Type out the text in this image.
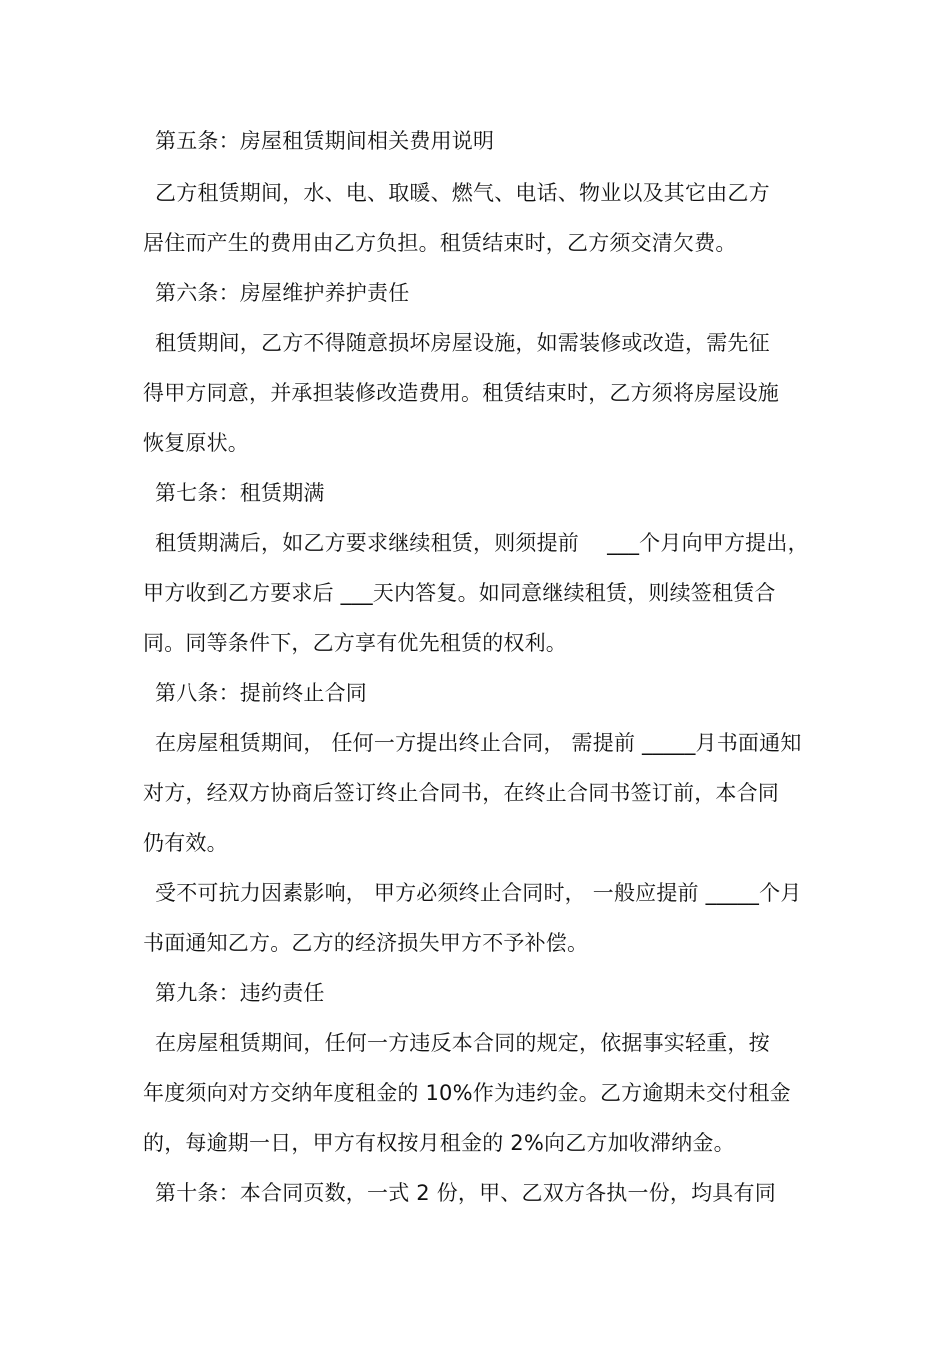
第五条：房屋租赁期间相关费用说明
乙方租赁期间，水、电、取暖、燃气、电话、物业以及其它由乙方
居住而产生的费用由乙方负担。租赁结束时，乙方须交清欠费。
第六条：房屋维护养护责任
租赁期间，乙方不得随意损坏房屋设施，如需装修或改造，需先征
得甲方同意，并承担装修改造费用。租赁结束时，乙方须将房屋设施
恢复原状。
第七条：租赁期满
租赁期满后，如乙方要求继续租赁，则须提前　 ___个月向甲方提出，
甲方收到乙方要求后 ___天内答复。如同意继续租赁，则续签租赁合
同。同等条件下，乙方享有优先租赁的权利。
第八条：提前终止合同
在房屋租赁期间， 任何一方提出终止合同， 需提前 _____月书面通知
对方，经双方协商后签订终止合同书，在终止合同书签订前，本合同
仍有效。
受不可抗力因素影响， 甲方必须终止合同时， 一般应提前 _____个月
书面通知乙方。乙方的经济损失甲方不予补偿。
第九条：违约责任
在房屋租赁期间，任何一方违反本合同的规定，依据事实轻重，按
年度须向对方交纳年度租金的 10%作为违约金。乙方逾期未交付租金
的，每逾期一日，甲方有权按月租金的 2%向乙方加收滞纳金。
第十条：本合同页数，一式 2 份，甲、乙双方各执一份，均具有同
